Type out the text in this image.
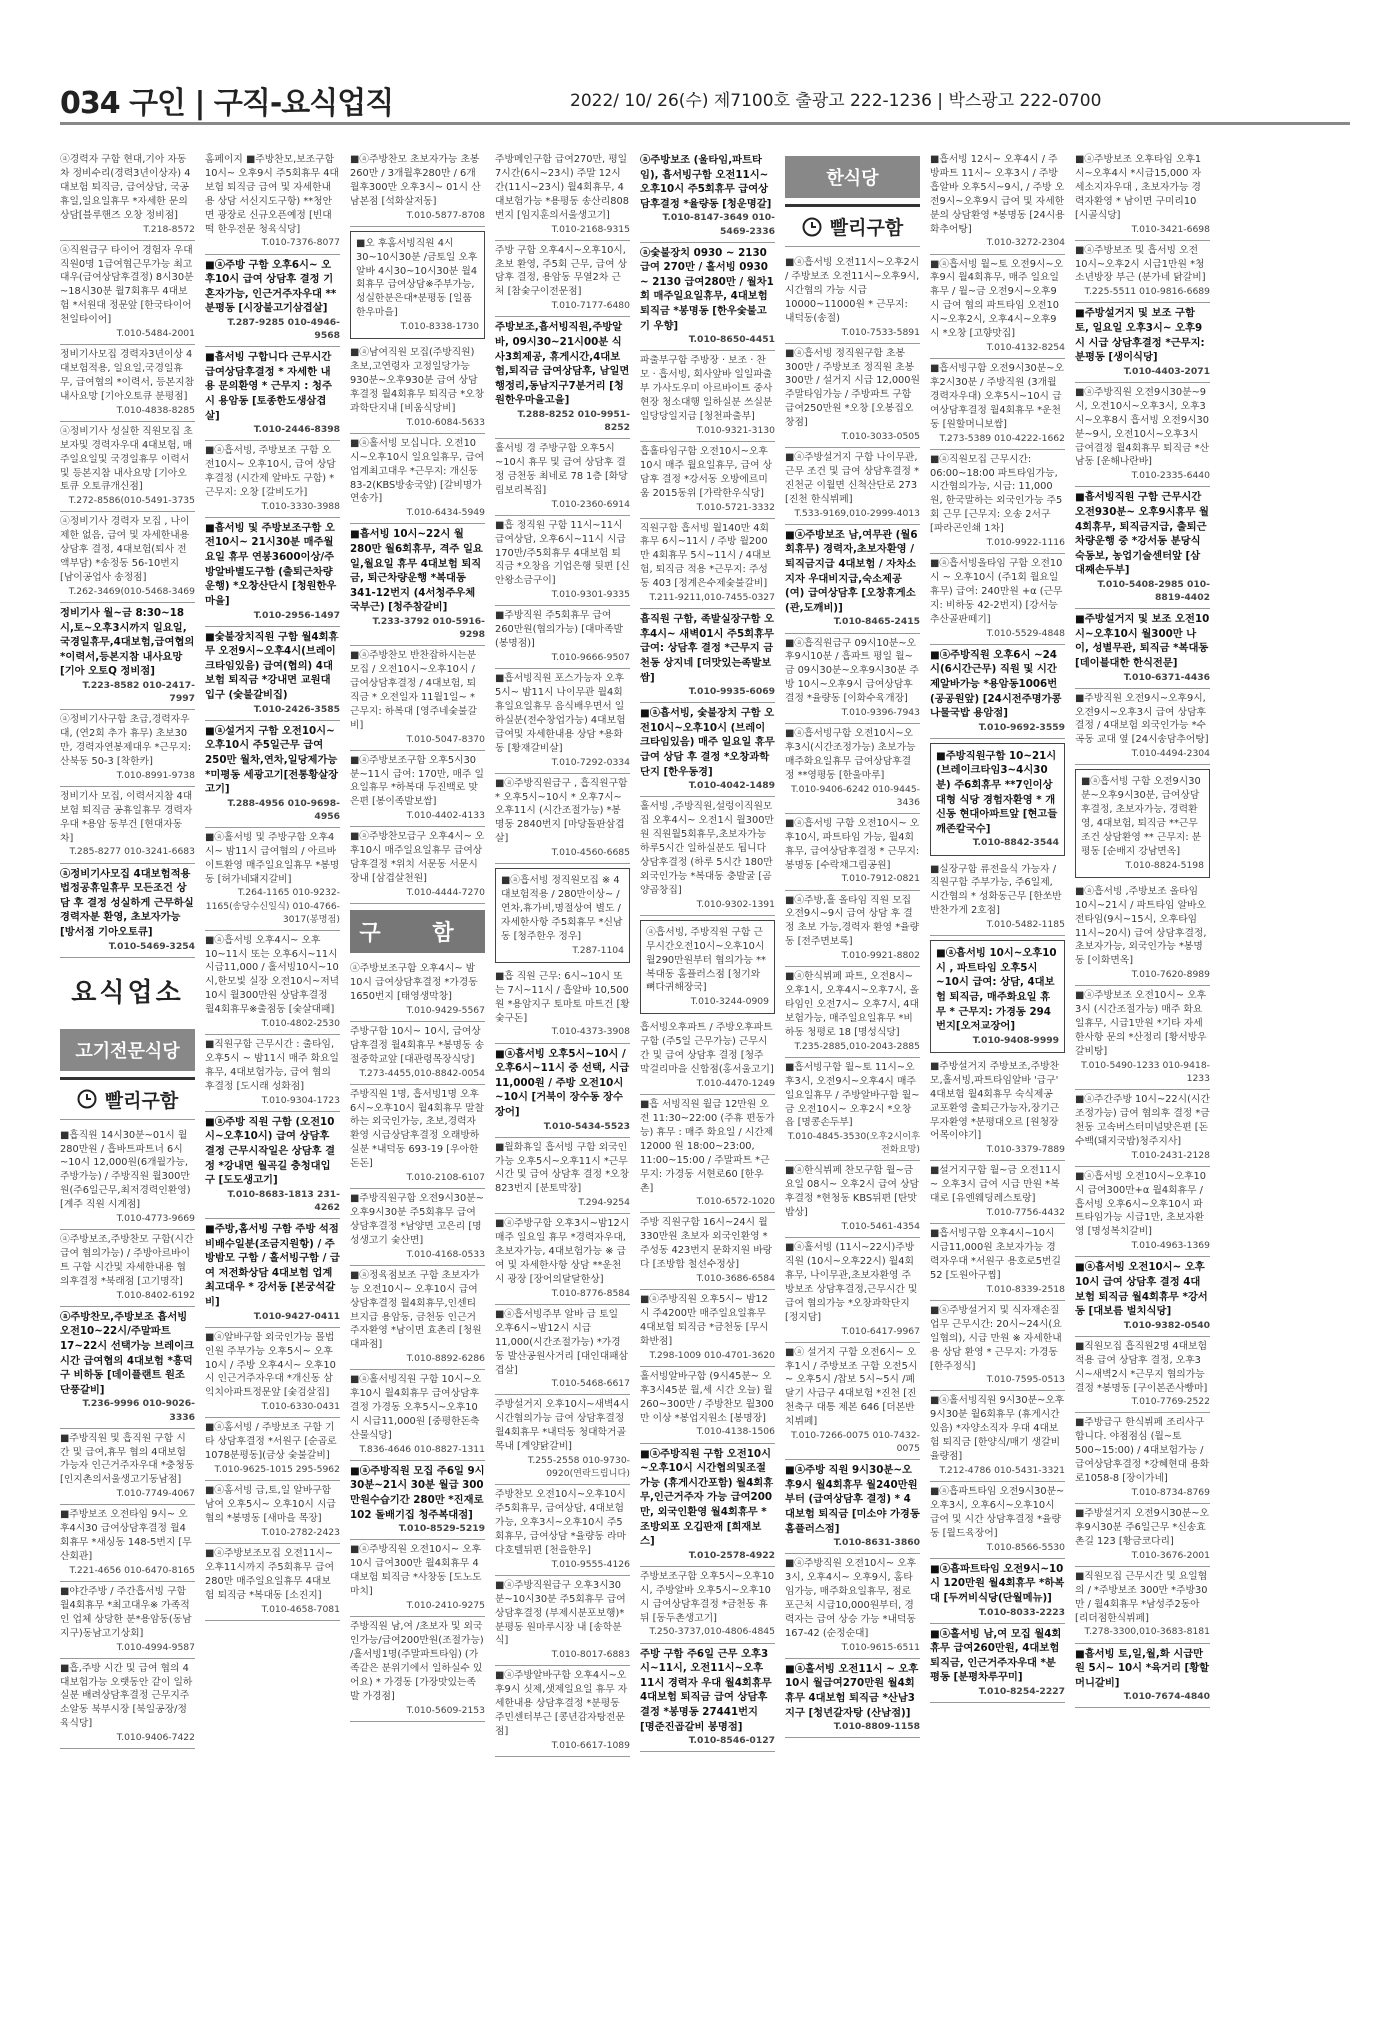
034 구인 | 구직-요식업직	2022/ 10/ 26(수) 제7100호 출광고 222-1236 | 박스광고 222-0700
ⓐ경력자 구함 현대,기아 자동차 정비수리(경력3년이상자) 4대보험 퇴직금, 급여상담, 국공휴일,일요일휴무 *자세한 문의 상담[블루핸즈 오창 정비점]
T.218-8572
ⓐ직원급구 타이어 경험자 우대 직원0명 1급여협근무가능 최고대우(급여상담후결정) 8시30분~18시30분 월7회휴무 4대보험 *서원대 정문앞 [한국타이어 천일타이어]
T.010-5484-2001
정비기사모집 경력자3년이상 4대보험적용, 일요일,국경일휴무, 급여협의 *이력서, 등본지참 내사요망 [기아오토큐 분평점]
T.010-4838-8285
ⓐ정비기사 성실한 직원모집 초보자및 경력자우대 4대보험, 매주일요일및 국경일휴무 이력서및 등본지참 내사요망 [기아오토큐 오토큐개신점]
T.272-8586(010-5491-3735
ⓐ정비기사 경력자 모집 , 나이 제한 없음, 급여 및 자세한내용 상담후 결정, 4대보험(퇴사 전액부담) *송정동 56-10번지 [남이공업사 송정점]
T.262-3469(010-5468-3469
정비기사 월~금 8:30~18시,토~오후3시까지 일요일,국경일휴무,4대보험,급여협의 *이력서,등본지참 내사요망 [기아 오토Q 정비점]
T.223-8582 010-2417-7997
ⓐ정비기사구함 초급,경력자우대, (연2회 추가 휴무) 초보30만, 경력자연봉제대우 *근무지: 산북동 50-3 [착한카]
T.010-8991-9738
정비기사 모집, 이력서지참 4대보험 퇴직금 공휴일휴무 경력자우대 *용암 동부건 [현대자동차]
T.285-8277 010-3241-6683
ⓐ정비기사모집 4대보험적용 법정공휴일휴무 모든조건 상담 후 결정 성실하게 근무하실 경력자분 환영, 초보자가능 [방서점 기아오토큐]
T.010-5469-3254
요식업소
고기전문식당
빨리구함
■흡직원 14시30분~01시 월280만원 / 흡바트파트너 6시~10시 12,000원(6개월가능,주방가능) / 주방직원 월300만원(주6일근무,최저경력인환영) [계주 직원 시계점]
T.010-4773-9669
ⓐ주방보조,주방찬모 구함(시간급여 협의가능) / 주방아르바이트 구함 시간및 자세한내용 협의후결정 *북래점 [고기명작]
T.010-8402-6192
ⓐ주방찬모,주방보조 흡서빙 오전10~22시/주말파트 17~22시 선택가능 브레이크시간 급여협의 4대보험 *흥덕구 비하동 [데이플랜트 원조 단풍갈비]
T.236-9996 010-9026-3336
■주방직원 및 흡직원 구함 시간 및 급여,휴무 협의 4대보험가능자 인근거주자우대 *충청동 [인지촌의서울생고기동남점]
T.010-7749-4067
■주방보조 오전타임 9시~ 오후4시30 급여상담후결정 월4회휴무 *새싱동 148-5번지 [무산회관]
T.221-4656 010-6470-8165
■야간주방 / 주간흡서빙 구함 월4회휴무 *최고대우※ 가족적인 업체 상당한 분*용암동(동남지구)동남고기상회]
T.010-4994-9587
■흡,주방 시간 및 급여 협의 4대보험가능 오랫동안 같이 일하실분 배려상담후결정 근무지주소알동 북부시장 [북일공장/정육식당]
T.010-9406-7422
홈페이지 ■주방찬모,보조구함 10시~ 오후9시 주5회휴무 4대보험 퇴직금 급여 및 자세한내용 상담 서신지도구항) **청안면 광장로 신규오픈예정 [빈대떡 한우전문 청육식당]
T.010-7376-8077
■ⓐ주방 구함 오후6시~ 오후10시 급여 상담후 결정 기혼자가능, 인근거주자우대 ** 분평동 [시장불고기삼겹살]
T.287-9285 010-4946-9568
■흡서빙 구합니다 근무시간 급여상담후결정 * 자세한 내용 문의환영 * 근무지 : 청주시 용암동 [토종한도생삼겹살]
T.010-2446-8398
■ⓐ흡서빙, 주방보조 구함 오전10시~ 오후10시, 급여 상담후결정 (시간제 알바도 구함) *근무지: 오창 [갈비도가]
T.010-3330-3988
■흡서빙 및 주방보조구함 오전10시~ 21시30분 매주월요일 휴무 연봉3600이상/주방알바별도구함 (출퇴근차량운행) *오창산단시 [청원한우마을]
T.010-2956-1497
■숯불장치직원 구함 월4회휴무 오전9시~오후4시(브레이크타임있음) 급여(협의) 4대보험 퇴직금 *강내면 교원대입구 (숯불갈비집)
T.010-2426-3585
■ⓐ설거지 구함 오전10시~오후10시 주5일근무 급여250만 월차,연차,일당제가능 *미평동 세광고기[전통황살장고기]
T.288-4956 010-9698-4956
■ⓐ홀서빙 및 주방구함 오후4시~ 밤11시 급여협의 / 아르바이트환영 매주일요일휴무 *봉명동 [허가네돼지갈비]
T.264-1165 010-9232-1165(송당수신일식) 010-4766-3017(봉명점)
■ⓐ흡서빙 오후4시~ 오후10~11시 또는 오후6시~11시 시급11,000 / 홀서빙10시~10시,한모빛 실장 오전10시~저녁10시 월300만원 상담후결정 월4회휴무※출점동 [숯살대패]
T.010-4802-2530
■직원구함 근무시간 : 출타임, 오후5시 ~ 밤11시 매주 화요일 휴무, 4대보험가능, 급여 협의 후결정 [도시래 성화점]
T.010-9304-1723
■ⓐ주방 직원 구함 (오전10시~오후10시) 급여 상담후 결정 근무시작일은 상담후 결정 *강내면 월곡길 충청대입구 [도도생고기]
T.010-8683-1813 231-4262
■주방,홈서빙 구함 주방 석점비배수일분(조금지원항) / 주방밤모 구함 / 홀서빙구함 / 급여 저전화상담 4대보험 업계 최고대우 * 강서동 [본궁석갈비]
T.010-9427-0411
■ⓐ알바구함 외국인가능 몰법인원 주부가능 오후5시~ 오후10시 / 주방 오후4시~ 오후10시 인근거주자우대 *개신동 삼익치아파트정문앞 [숯검살집]
T.010-6330-0431
■ⓐ홈서빙 / 주방보조 구함 기타 상담후결정 *서원구 [순곱로 1078분평동](금상 숯불갈비]
T.010-9625-1015 295-5962
■ⓐ홈서빙 급,토,일 알바구함 남여 오후5시~ 오후10시 시급협의 *봉명동 [새마을 목장]
T.010-2782-2423
■ⓐ주방보조모집 오전11시~ 오후11시까지 주5회휴무 급여280만 매주일요일휴무 4대보험 퇴직금 *복대동 [소진지]
T.010-4658-7081
■ⓐ주방찬모 초보자가능 초봉260만 / 3개월후280만 / 6개월후300만 오후3시~ 01시 산남본점 [석화살저동]
T.010-5877-8708
■오 후홈서빙직원 4시30~10시30분 /금토일 오후알바 4시30~10시30분 월4회휴무 급여상담※주부가능,성실한분은대*분평동 [일품한우마을]
T.010-8338-1730
■ⓐ남여직원 모집(주방직원) 초보,고연령자 고정일당가능 930분~오후930분 급여 상담후결정 월4회휴무 퇴직금 *오창과학단지내 [비움식당비]
T.010-6084-5633
■ⓐ홀서빙 모십니다. 오전10시~오후10시 일요일휴무, 급여 업계최고대우 *근무지: 개신동 83-2(KBS방송국앞) [갈비명가 연송가]
T.010-6434-5949
■흡서빙 10시~22시 월280만 월6회휴무, 격주 일요일,월요일 휴무 4대보험 퇴직금, 퇴근차량운행 *복대동341-12번지 (4서청주우체국부근) [청주참갈비]
T.233-3792 010-5916-9298
■ⓐ주방찬모 반찬잡하시는분 모집 / 오전10시~오후10시 / 급여상담후결정 / 4대보험, 퇴직금 * 오전일자 11월1일~ * 근무지: 하복대 [영주네숯불갈비]
T.010-5047-8370
■ⓐ주방보조구함 오후5시30분~11시 급여: 170만, 매주 일요일휴무 *하복대 두진백로 맞은편 [봉이족발보쌈]
T.010-4402-4133
■ⓐ주방찬모급구 오후4시~ 오후10시 매주일요일휴무 급여상담후결정 *위치 서문동 서문시장내 [삼겹살천원]
T.010-4444-7270
구 함
ⓐ주방보조구함 오후4시~ 밤10시 급여상담후결정 *가경동 1650번지 [태영생막창]
T.010-9429-5567
주방구함 10시~ 10시, 급여상담후결정 월4회휴무 *봉명동 송절중학교앞 [대관령목장식당]
T.273-4455,010-8842-0054
주방직원 1명, 흡서빙1명 오후6시~오후10시 월4회휴무 말찰하는 외국인가능, 초보,경력자 환영 시급상담후결정 오래방하실분 *내덕동 693-19 [우아한돈돈]
T.010-2108-6107
■주방직원구함 오전9시30분~오후9시30분 주5회휴무 급여상담후결정 *남양면 고은리 [명성생고기 숯산면]
T.010-4168-0533
■ⓐ정육점보조 구함 초보자가능 오전10시~ 오후10시 급여상담후결정 월4회휴무,인센티브지급 용암동, 금천동 인근거주자환영 *남이면 효촌리 [청원대파점]
T.010-8892-6286
■ⓐ홀서빙직원 구함 10시~오후10시 월4회휴무 급여상담후결정 가경동 오후5시~오후10시 시급11,000원 [중평한돈축산물식당]
T.836-4646 010-8827-1311
■ⓐ주방직원 모집 주6일 9시30분~21시 30분 월급 300만원수습기간 280만 *진재로102 돌배기집 청주복대점]
T.010-8529-5219
■ⓐ주방직원 오전10시~ 오후10시 급여300만 월4회휴무 4대보험 퇴직금 *사창동 [도노도마치]
T.010-2410-9275
주방직원 남,여 /초보자 및 외국인가능/급여200만원(조절가능) /홀서빙1명(주말파트타임) (가족같은 분위기에서 일하실수 있어요) * 가경동 [가장맛있는족발 가경점]
T.010-5609-2153
주방메인구함 급여270만, 평일7시간(6시~23시) 주말 12시간(11시~23시) 월4회휴무, 4대보험가능 *용평동 송산리808번지 [임지훈의서울생고기]
T.010-2168-9315
주방 구함 오후4시~오후10시, 초보 환영, 주5회 근무, 급여 상담후 결정, 용암동 무열2차 근처 [참숯구이전문점]
T.010-7177-6480
주방보조,흡서빙직원,주방알바, 09시30~21시00분 식사3회제공, 휴게시간,4대보험,퇴직금 급여상담후, 남일면행정리,동남지구7분거리 [청원한우마을고을]
T.288-8252 010-9951-8252
홀서빙 경 주방구함 오후5시~10시 휴무 및 급여 상담후 결정 금천동 최네로 78 1층 [화당림보리복집]
T.010-2360-6914
■흡 정직원 구함 11시~11시 급여상담, 오후6시~11시 시급 170만/주5회휴무 4대보험 퇴직금 *오창읍 기업은행 뒷편 [신안왕소금구이]
T.010-9301-9335
■주방직원 주5회휴무 급여 260만원(협의가능) [대마족발(봉명점)]
T.010-9666-9507
■흡서빙직원 포스가능자 오후5시~ 밤11시 나이무관 월4회휴일요일휴무 음식배우면서 일하실분(전수창업가능) 4대보험 급여및 자세한내용 상담 *용화동 [황재갈비살]
T.010-7292-0334
■ⓐ주방직원급구 , 흡직원구함 * 오후5시~10시 * 오후7시~오후11시 (시간조절가능) *봉명동 2840번지 [마당돌판삼겹살]
T.010-4560-6685
■ⓐ흡서빙 정직원모집 ※ 4대보험적용 / 280만이상~ / 연차,휴가비,명절상여 별도 /자세한사항 주5회휴무 *신남동 [청주한우 정우]
T.287-1104
■흡 직원 근무: 6시~10시 또는 7시~11시 / 흡알바 10,500원 *용암지구 토마토 마트건 [황숯구돈]
T.010-4373-3908
■ⓐ흡서빙 오후5시~10시 / 오후6시~11시 중 선택, 시급11,000원 / 주방 오전10시~10시 [거북이 장수동 장수장어]
T.010-5434-5523
■월화휴일 흡서빙 구함 외국인가능 오후5시~오후11시 *근무시간 및 급여 상담후 결정 *오창 823번지 [분토막장]
T.294-9254
■ⓐ주방구함 오후3시~밤12시 매주 일요일 휴무 *경력자우대, 초보자가능, 4대보험가능 ※ 급여 및 자세한사항 상담 **운천시 광장 [장어의달달한상]
T.010-8776-8584
■ⓐ흡서빙주부 알바 급 토일 오후6시~밤12시 시급11,000(시간조절가능) *가경동 발산공원사거리 [대인대패삼겹살]
T.010-5468-6617
주방설거지 오후10시~새벽4시 시간협의가능 급여 상담후결정 월4회휴무 *내덕동 청대학거골목내 [계양닭갈비]
T.255-2558 010-9730-0920(연락드립니다)
주방찬모 오전10시~오후10시 주5회휴무, 급여상담, 4대보험가능, 오후3시~오후10시 주5회휴무, 급여상담 *율량동 라마다호텔뒤편 [천을한우]
T.010-9555-4126
■ⓐ주방직원급구 오후3시30분~10시30분 주5회휴무 급여 상담후결정 (부제시분포보행)*분평동 원마루시장 내 [송학분식]
T.010-8017-6883
■ⓐ주방알바구함 오후4시~오후9시 싯제,샛제일요일 휴무 자세한내용 상담후결정 *분평동 주민센터부근 [콩년감자탕전문점]
T.010-6617-1089
ⓐ주방보조 (울타임,파트타임), 흡서빙구함 오전11시~ 오후10시 주5회휴무 급여상담후결정 *율량동 [청운명갈]
T.010-8147-3649 010-5469-2336
ⓐ숯불장치 0930 ~ 2130 급여 270만 / 홀서빙 0930 ~ 2130 급여280만 / 월차1회 매주일요일휴무, 4대보험 퇴직금 *봉명동 [한우숯불고기 우향]
T.010-8650-4451
파출부구함 주방장 · 보조 · 찬모 · 흡서빙, 회사앞바 일일파출부 가사도우미 아르바이트 중사현장 청소대행 일하실분 쓰실분 일당당일지급 [청천파출부]
T.010-9321-3130
흡홀타임구함 오전10시~오후10시 매주 월요일휴무, 급여 상담후 결정 *강서동 오방에르미움 2015동위 [가락한우식당]
T.010-5721-3332
직원구함 흡서빙 월140만 4회휴무 6시~11시 / 주방 월200만 4회휴무 5시~11시 / 4대보험, 퇴직금 적용 *근무지: 주성동 403 [정계은수제숯불갈비]
T.211-9211,010-7455-0327
흡직원 구함, 족발실장구함 오후4시~ 새벽01시 주5회휴무 급여: 상담후 결정 *근무지 금천동 상지네 [더맛있는족발보쌈]
T.010-9935-6069
■ⓐ흡서빙, 숯불장치 구함 오전10시~오후10시 (브레이크타임있음) 매주 일요일 휴무 급여 상담 후 결정 *오창과학단지 [한우동경]
T.010-4042-1489
홀서빙 ,주방직원,설렁이직원모집 오후4시~ 오전1시 월300만원 직원월5회휴무,초보자가능 하루5시간 일하실분도 됩니다 상담후결정 (하루 5시간 180만 외국인가능 *복대동 충발굴 [곰양곱창집]
T.010-9302-1391
ⓐ흡서빙, 주방직원 구함 근무시간오전10시~오후10시 월290만원부터 협의가능 ** 복대동 홈플러스점 [청기와뼈다귀해장국]
T.010-3244-0909
흡서빙오후파트 / 주방오후파트 구함 (주5일 근무가능) 근무시간 및 급여 상담후 결정 [청주 막걸리마을 신합점(홍서울고기]
T.010-4470-1249
■흡 서빙직원 월급 12만원 오전 11:30~22:00 (주휴 편동가능) 휴무 : 매주 화요일 / 시간제 12000 원 18:00~23:00, 11:00~15:00 / 주말파트 *근무지: 가경동 서현로60 [한우촌]
T.010-6572-1020
주방 직원구함 16시~24시 월330만원 초보자 외국인환영 *주성동 423번지 문화지원 바랑다 [조방합 철선수정상]
T.010-3686-6584
■ⓐ주방직원 오후5시~ 밤12시 주4200만 매주일요일휴무 4대보험 퇴직금 *금천동 [무시화반점]
T.298-1009 010-4701-3620
홀서빙알바구함 (9시45분~ 오후3시45분 월,세 시간 오늘) 월 260~300만 / 주방찬모 월300만 이상 *봉업지원소 [봉명장]
T.010-4138-1506
■ⓐ주방직원 구함 오전10시~오후10시 시간협의및조절가능 (휴게시간포함) 월4회휴무,인근거주자 가능 급여200만, 외국인환영 월4회휴무 *조방외포 오깁판재 [희재보스]
T.010-2578-4922
주방보조구함 오후5시~오후10시, 주방알바 오후5시~오후10시 급여상담후결정 *금천동 휴뒤 [동두촌생고기]
T.250-3737,010-4806-4845
주방 구함 주6일 근무 오후3시~11시, 오전11시~오후11시 경력자 우대 월4회휴무 4대보험 퇴직금 급여 상담후 결정 *봉명동 27441번지 [명준진곱갈비 봉명점]
T.010-8546-0127
한식당
빨리구함
■ⓐ흡서빙 오전11시~오후2시 / 주방보조 오전11시~오후9시, 시간협의 가능 시급 10000~11000원 * 근무지: 내덕동(송절)
T.010-7533-5891
■ⓐ흡서빙 정직원구함 초봉300만 / 주방보조 정직원 초봉300만 / 설거지 시급 12,000원 주말타임가능 / 주방파트 구함 급여250만원 *오창 [오봉집오창점]
T.010-3033-0505
■ⓐ주방설거지 구함 나이무관, 근무 조건 및 급여 상담후결정 *진천군 이월면 신척산단로 273 [진천 한식뷔페]
T.533-9169,010-2999-4013
■ⓐ주방보조 남,여무관 (월6회휴무) 경력자,초보자환영 / 퇴직금지급 4대보험 / 자차소지자 우대비지급,숙소제공(여) 급여상담후 [오창휴게소(관,도깨비)]
T.010-8465-2415
■ⓐ흡직원급구 09시10분~오후9시10분 / 흡파트 평일 월~금 09시30분~오후9시30분 주방 10시~오후9시 급여상담후결정 *율량동 [이화수육개장]
T.010-9396-7943
■ⓐ흡서빙구함 오전10시~오후3시(시간조정가능) 초보가능 매주화요일휴무 급여상담후결정 **영평동 [한울마루]
T.010-9406-6242 010-9445-3436
■ⓐ흡서빙 구함 오전10시~ 오후10시, 파트타임 가능, 월4회휴무, 급여상담후결정 * 근무지: 봉명동 [수락채그림공원]
T.010-7912-0821
■ⓐ주방,홀 올타임 직원 모집 오전9시~9시 급여 상담 후 결정 초보 가능,경력자 환영 *율량동 [전주면보록]
T.010-9921-8802
■ⓐ한식뷔페 파트, 오전8시~오후1시, 오후4시~오후7시, 올타임인 오전7시~ 오후7시, 4대보험가능, 매주일요일휴무 *비하동 청평로 18 [명성식당]
T.235-2885,010-2043-2885
■흡서빙구함 월~토 11시~오후3시, 오전9시~오후4시 매주일요일휴무 / 주방알바구함 월~금 오전10시~ 오후2시 *오창읍 [명콩손두부]
T.010-4845-3530(오후2시이후 전화요망)
■ⓐ한식뷔페 찬모구함 월~금요일 08시~ 오후2시 급여 상담후결정 *현청동 KBS뒤편 [탄맛밥상]
T.010-5461-4354
■ⓐ홀서빙 (11시~22시)주방직원 (10시~오후22시) 월4회휴무, 나이무관,초보자환영 주방보조 상담후결정,근무시간 및 급여 협의가능 *오창과학단지 [정지담]
T.010-6417-9967
■ⓐ 설거지 구함 오전6시~ 오후1시 / 주방보조 구함 오전5시~ 오후5시 /찹보 5시~5시 /폐달기 사급구 4대보험 *진천 [진천축구 대통 제본 646 [더본반치뷔페]
T.010-7266-0075 010-7432-0075
■ⓐ주방 직원 9시30분~오후9시 월4회휴무 월240만원부터 (급여상담후 결정) * 4대보험 퇴직금 [미소야 가경동 홈플러스점]
T.010-8631-3860
■ⓐ주방직원 오전10시~ 오후3시, 오후4시~ 오후9시, 홈타임가능, 매주화요일휴무, 점로포근처 시급10,000원부터, 경력자는 급여 상승 가능 *내덕동 167-42 (순정순대]
T.010-9615-6511
■ⓐ홀서빙 오전11시 ~ 오후10시 월급여270만원 월4회휴무 4대보험 퇴직금 *산남3지구 [청년갈자탕 (산남점)]
T.010-8809-1158
■흡서빙 12시~ 오후4시 / 주방파트 11시~ 오후3시 / 주방 흡알바 오후5시~9시, / 주방 오전9시~오후9시 급여 및 자세한분의 상담환영 *봉명동 [24시용화추어탕]
T.010-3272-2304
■ⓐ흡서빙 월~토 오전9시~오후9시 월4회휴무, 매주 일요일휴무 / 월~금 오전9시~오후9시 급여 협의 파트타임 오전10시~오후2시, 오후4시~오후9시 *오창 [고향맛집]
T.010-4132-8254
■흡서빙구함 오전9시30분~오후2시30분 / 주방직원 (3개월 경력자우대) 오후5시~10시 급여상담후결정 월4회휴무 *운천동 [원할머니보쌈]
T.273-5389 010-4222-1662
■ⓐ직원모집 근무시간: 06:00~18:00 파트타임가능, 시간협의가능, 시급: 11,000원, 한국말하는 외국인가능 주5회 근무 [근무지: 오송 2서구 [파라곤인쇄 1차]
T.010-9922-1116
■ⓐ흡서빙올타임 구함 오전10시 ~ 오후10시 (주1회 월요일휴무) 급여: 240만원 +α (근무지: 비하동 42-2번지) [강서능추산골판떼기]
T.010-5529-4848
■ⓐ주방직원 오후6시 ~24시(6시간근무) 직원 및 시간제알바가능 *용암동1006번(공공원앞) [24시전주명가콩나물국밥 용암점]
T.010-9692-3559
■주방직원구함 10~21시(브레이크타임3~4시30분) 주6회휴무 **7인이상 대형 식당 경험자환영 * 개신동 현대아파트앞 [현고들깨존칼국수]
T.010-8842-3544
■실장구함 류전을식 가능자 / 직원구함 주부가능, 주6일제, 시간협의 * 성화동근무 [한쏘반 반찬가게 2호점]
T.010-5482-1185
■ⓐ흡서빙 10시~오후10시 , 파트타임 오후5시~10시 급여: 상담, 4대보험 퇴직금, 매주화요일 휴무 * 근무지: 가경동 294번지[오저교장어]
T.010-9408-9999
■주방설거지 주방보조,주방찬모,홀서빙,파트타임알바 '급구' 4대보험 월4회휴무 숙식제공 교포환영 출퇴근가능자,장기근무자환영 *분평대오르 [원청장어목이야기]
T.010-3379-7889
■설거지구함 월~금 오전11시~ 오후3시 급여 시급 만원 *복대로 [유엔웨딩레스토랑]
T.010-7756-4432
■흡서빙구함 오후4시~10시 시급11,000원 초보자가능 경력자우대 *서원구 용호로5번길52 [도원아구찜]
T.010-8339-2518
■ⓐ주방설거지 및 식자재손질 업무 근무시간: 20시~24시(요일협의), 시급 만원 ※ 자세한내용 상담 환영 * 근무지: 가경동 [한주정식]
T.010-7595-0513
■ⓐ홀서빙직원 9시30분~오후9시30분 월6회휴무 (휴게시간있음) *자양소직자 우대 4대보험 퇴직금 [한양식/매기 생갈비 율량점]
T.212-4786 010-5431-3321
■ⓐ흡파트타임 오전9시30분~오후3시, 오후6시~오후10시 급여 및 시간 상담후결정 *율량동 [월드육장어]
T.010-8566-5530
■ⓐ흡파트타임 오전9시~10시 120만원 월4회휴무 *하복대 [두꺼비식당(단월메뉴)]
T.010-8033-2223
■ⓐ홀서빙 남,여 모집 월4회휴무 급여260만원, 4대보험 퇴직금, 인근거주자우대 *분평동 [분평차루꾸미]
T.010-8254-2227
■ⓐ주방보조 오후타임 오후1시~오후4시 *시급15,000 자세소지자우대 , 초보자가능 경력자환영 * 남이면 구미리10 [시골식당]
T.010-3421-6698
■ⓐ주방보조 및 흡서빙 오전10시~오후2시 시급1만원 *청소년방장 부근 (분가네 닭갈비]
T.225-5511 010-9816-6689
■주방설거지 및 보조 구함 토, 일요일 오후3시~ 오후9시 시급 상담후결정 *근무지:분평동 [생이식당]
T.010-4403-2071
■ⓐ주방직원 오전9시30분~9시, 오전10시~오후3시, 오후3시~오후8시 흡서빙 오전9시30분~9시, 오전10시~오후3시 급여결정 월4회휴무 퇴직금 *산남동 [운해나란바]
T.010-2335-6440
■흡서빙직원 구함 근무시간 오전930분~ 오후9시휴무 월4회휴무, 퇴직금지급, 출퇴근차량운행 중 *강서동 분당식숙동보, 농업기술센터앞 [삼대째손두부]
T.010-5408-2985 010-8819-4402
■주방설거지 및 보조 오전10시~오후10시 월300만 나이, 성별무관, 퇴직금 *복대동 [데이블대한 한식전문]
T.010-6371-4436
■주방직원 오전9시~오후9시, 오전9시~오후3시 급여 상담후결정 / 4대보험 외국인가능 *수곡동 교대 옆 [24시송담추어탕]
T.010-4494-2304
■ⓐ흡서빙 구함 오전9시30분~오후9시30분, 급여상담후결정, 초보자가능, 경력환영, 4대보험, 퇴직금 **근무조건 상담환영 ** 근무지: 분평동 [순배지 강남면옥]
T.010-8824-5198
■ⓐ흡서빙 ,주방보조 올타임 10시~21시 / 파트타임 알바오전타임(9시~15시, 오후타임 11시~20시) 급여 상담후결정, 초보자가능, 외국인가능 *봉명동 [이화면옥]
T.010-7620-8989
■ⓐ주방보조 오전10시~ 오후3시 (시간조절가능) 매주 화요일휴무, 시급1만원 *기타 자세한사항 문의 *산정리 [황서방우갈비탕]
T.010-5490-1233 010-9418-1233
■ⓐ주간주방 10시~22시(시간조정가능) 급여 협의후 결정 *금천동 고속버스터미널맞은편 [돈수백(돼지국밥)청주지사]
T.010-2431-2128
■ⓐ흡서빙 오전10시~오후10시 급여300만+α 월4회휴무 / 흡서빙 오후6시~오후10시 파트타임가능 시급1만, 초보자환영 [명성복치갈비]
T.010-4963-1369
■ⓐ흡서빙 오전10시~ 오후10시 급여 상담후 결정 4대보험 퇴직금 월4회휴무 *강서동 [대보름 벌치식당]
T.010-9382-0540
■직원모집 흡직원2명 4대보험 적용 급여 상담후 결정, 오후3시~새벽2시 *근무지 협의가능 결정 *봉명동 [구이본존사빵마]
T.010-7769-2522
■주방급구 한식뷔페 조리사구합니다. 야점점심 (월~토 500~15:00) / 4대보험가능 / 급여상담후결정 *강혜현대 용화로1058-8 [장이가네]
T.010-8734-8769
■주방설거지 오전9시30분~오후9시30분 주6일근무 *신송효촌길 123 [황금코다리]
T.010-3676-2001
■직원모집 근무시간 및 요일협의 / *주방보조 300만 *주방30만 / 월4회휴무 *남성주2동아 [리더점한식뷔페]
T.278-3300,010-3683-8181
■흡서빙 토,일,월,화 시급만원 5시~ 10시 *육거리 [황할머니갈비]
T.010-7674-4840
